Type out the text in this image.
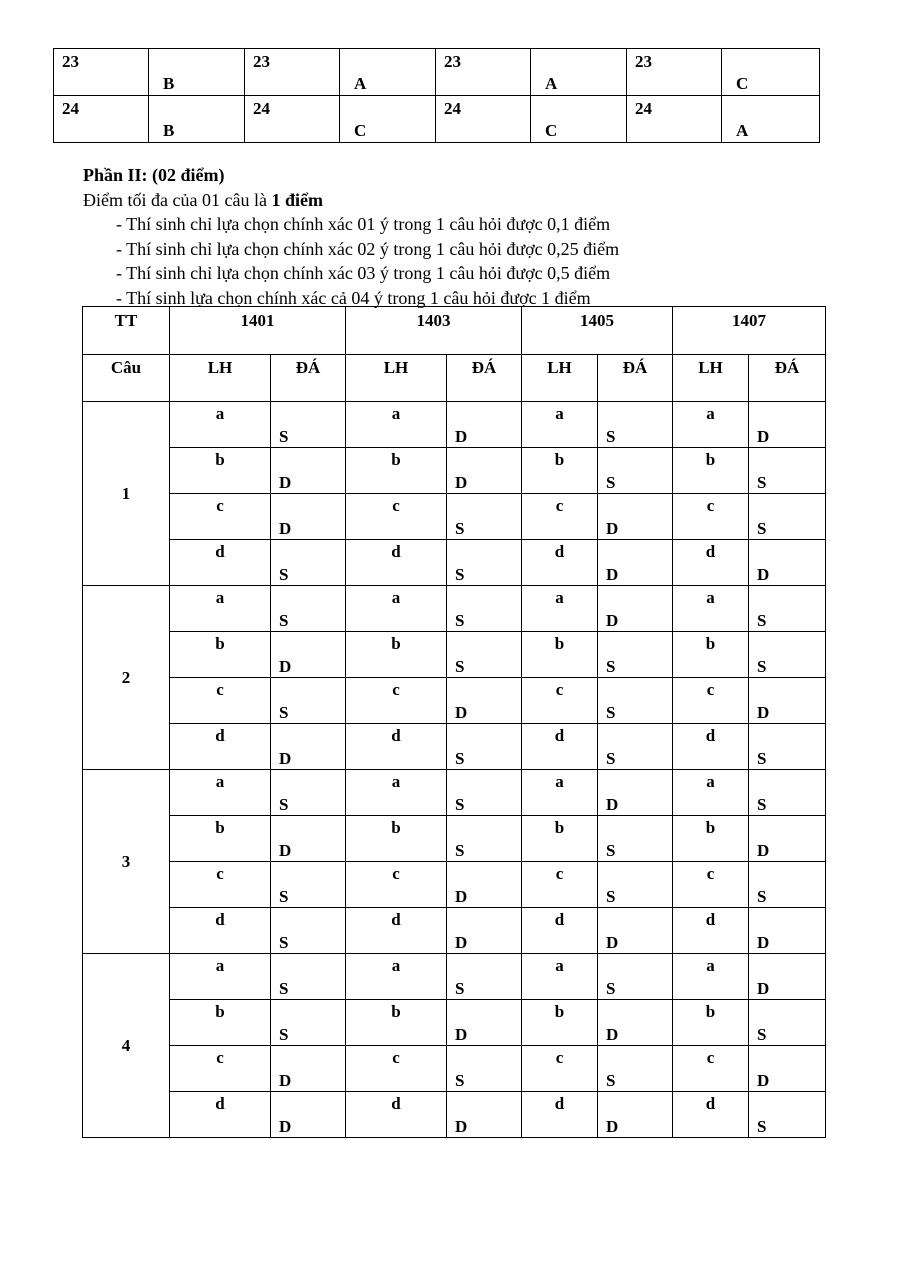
23	B	23	A	23	A	23	C

24	B	24	C	24	C	24	A
Phần II: (02 điểm)
Điểm tối đa của 01 câu là 1 điểm
- Thí sinh chỉ lựa chọn chính xác 01 ý trong 1 câu hỏi được 0,1 điểm
- Thí sinh chỉ lựa chọn chính xác 02 ý trong 1 câu hỏi được 0,25 điểm
- Thí sinh chỉ lựa chọn chính xác 03 ý trong 1 câu hỏi được 0,5 điểm
- Thí sinh lựa chọn chính xác cả 04 ý trong 1 câu hỏi được 1 điểm
TT	1401		1403		1405		1407	
Câu	LH	ĐÁ	LH	ĐÁ	LH	ĐÁ	LH	ĐÁ
1	a	S	a	D	a	S	a	D
	b	D	b	D	b	S	b	S
	c	D	c	S	c	D	c	S
	d	S	d	S	d	D	d	D
2	a	S	a	S	a	D	a	S
	b	D	b	S	b	S	b	S
	c	S	c	D	c	S	c	D
	d	D	d	S	d	S	d	S
3	a	S	a	S	a	D	a	S
	b	D	b	S	b	S	b	D
	c	S	c	D	c	S	c	S
	d	S	d	D	d	D	d	D
4	a	S	a	S	a	S	a	D
	b	S	b	D	b	D	b	S
	c	D	c	S	c	S	c	D
	d	D	d	D	d	D	d	S
